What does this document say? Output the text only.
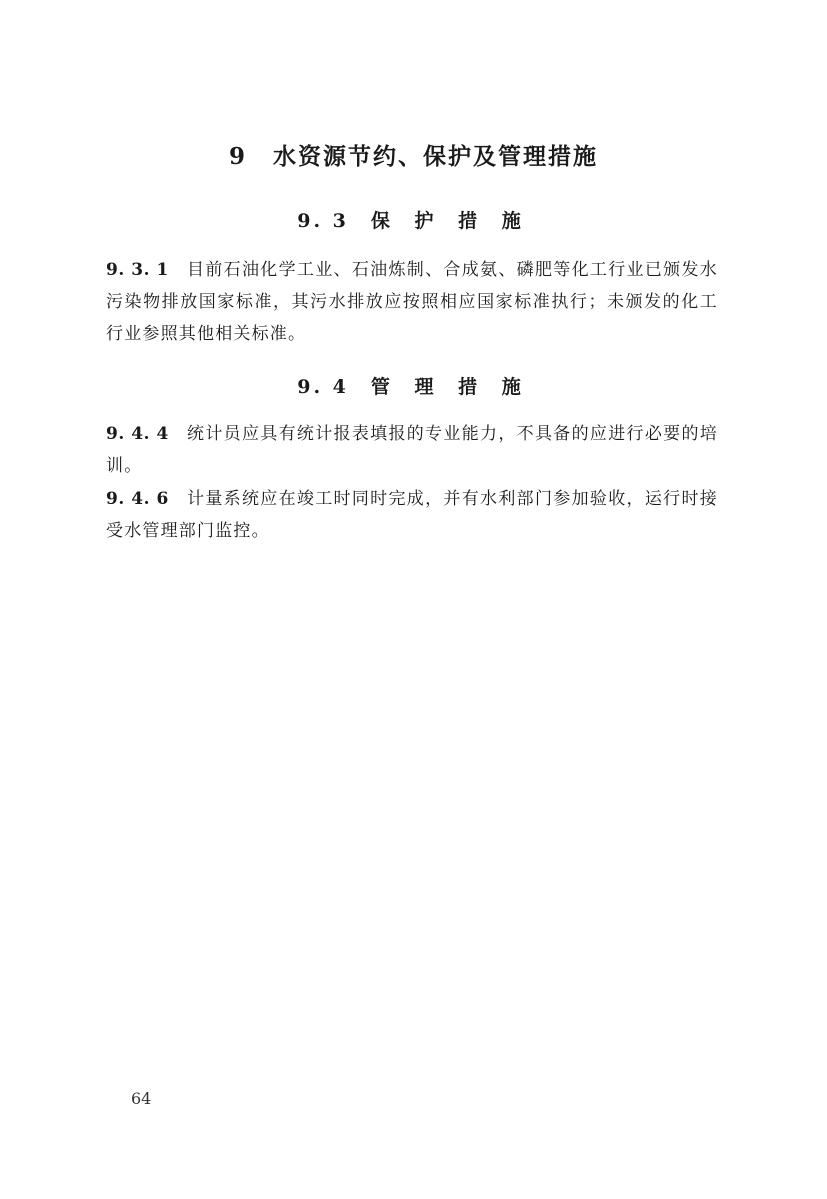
9 水资源节约、保护及管理措施
9. 3 保 护 措 施
9. 3. 1 目前石油化学工业、石油炼制、合成氨、磷肥等化工行业已颁发水污染物排放国家标准，其污水排放应按照相应国家标准执行；未颁发的化工行业参照其他相关标准。
9. 4 管 理 措 施
9. 4. 4 统计员应具有统计报表填报的专业能力，不具备的应进行必要的培训。
9. 4. 6 计量系统应在竣工时同时完成，并有水利部门参加验收，运行时接受水管理部门监控。
64
